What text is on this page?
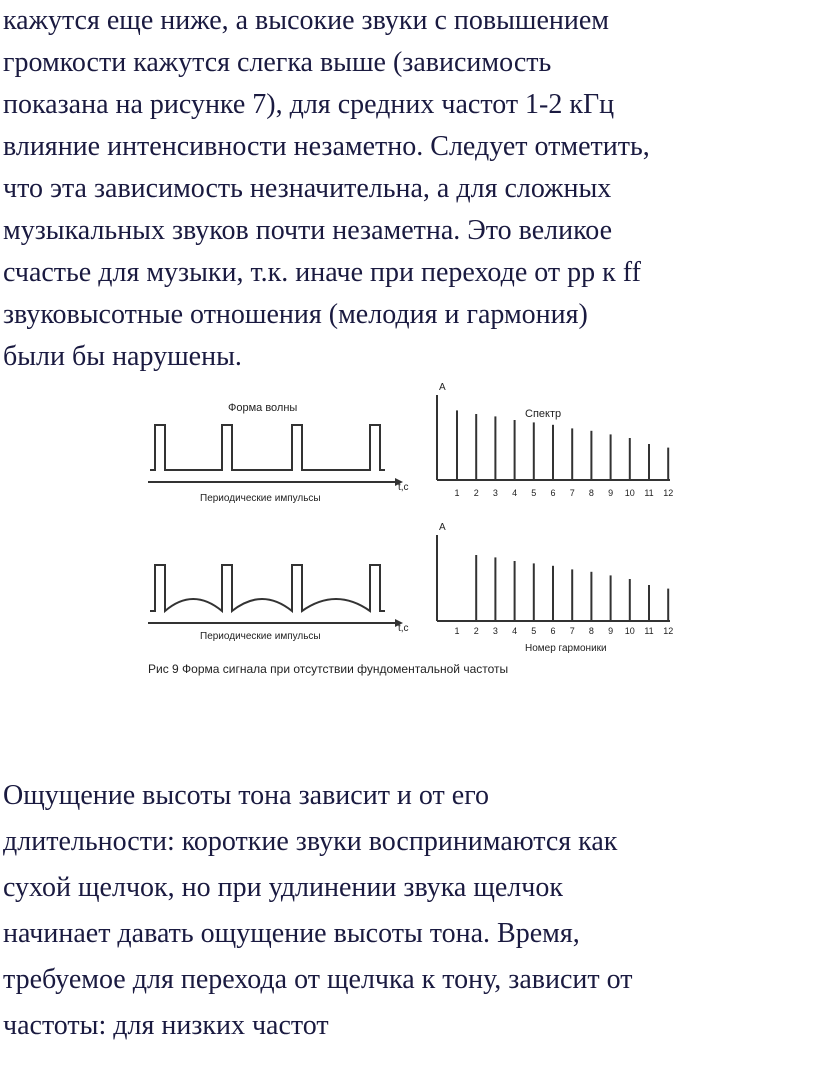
кажутся еще ниже, а высокие звуки с повышением
громкости кажутся слегка выше (зависимость
показана на рисунке 7), для средних частот 1-2 кГц
влияние интенсивности незаметно. Следует отметить,
что эта зависимость незначительна, а для сложных
музыкальных звуков почти незаметна. Это великое
счастье для музыки, т.к. иначе при переходе от pp к ff
звуковысотные отношения (мелодия и гармония)
были бы нарушены.
Форма волны
Периодические импульсы
t,c
A
Спектр
1 2 3 4 5 6 7 8 9 10 11 12
Периодические импульсы
t,c
A
1 2 3 4 5 6 7 8 9 10 11 12
Номер гармоники
Рис 9 Форма сигнала при отсутствии фундоментальной частоты
Ощущение высоты тона зависит и от его
длительности: короткие звуки воспринимаются как
сухой щелчок, но при удлинении звука щелчок
начинает давать ощущение высоты тона. Время,
требуемое для перехода от щелчка к тону, зависит от
частоты: для низких частот
